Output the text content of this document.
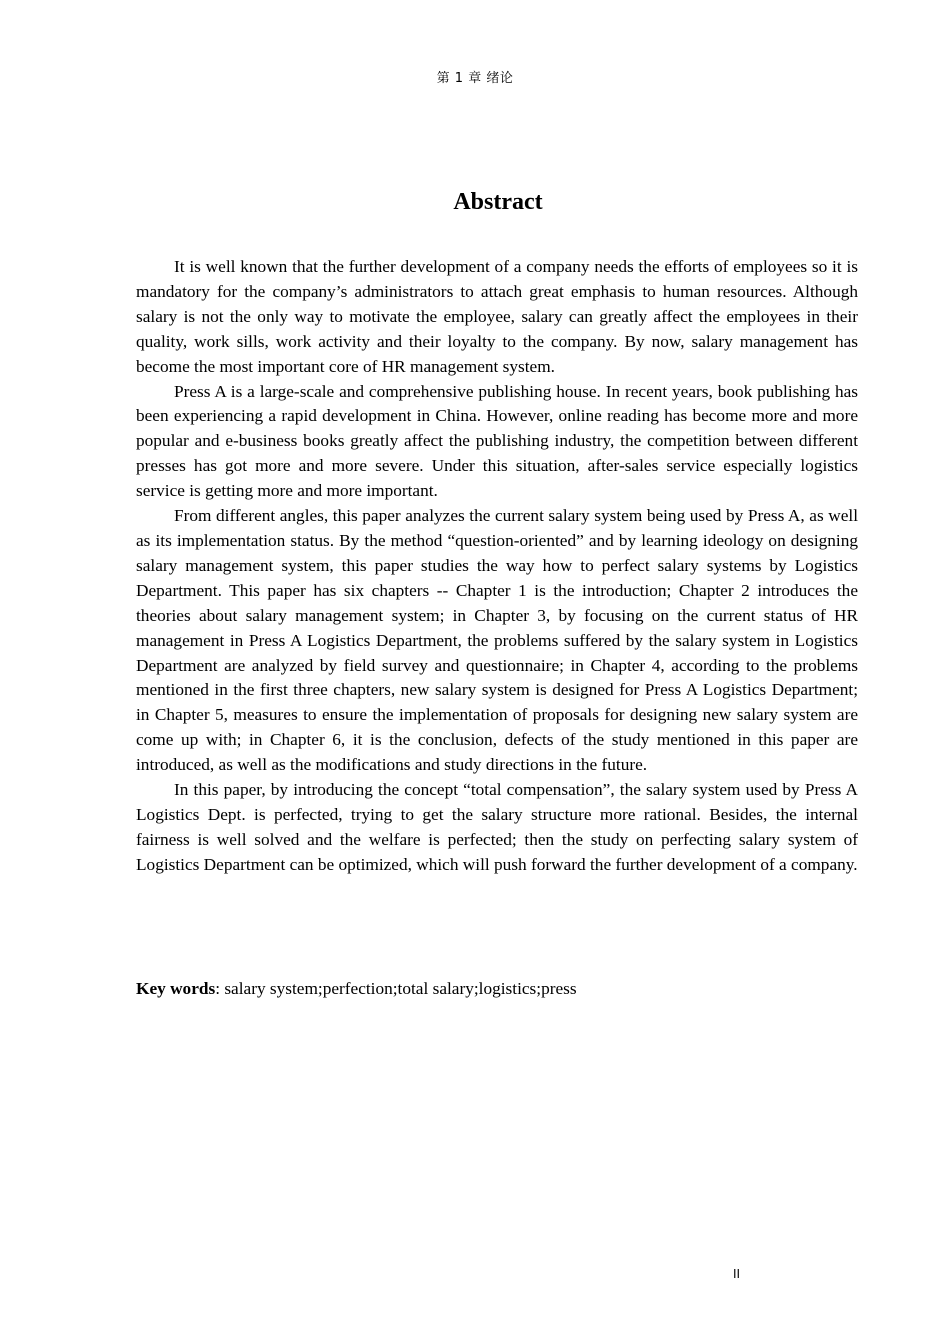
第 1 章 绪论
Abstract

It is well known that the further development of a company needs the efforts of employees so it is mandatory for the company’s administrators to attach great emphasis to human resources. Although salary is not the only way to motivate the employee, salary can greatly affect the employees in their quality, work sills, work activity and their loyalty to the company. By now, salary management has become the most important core of HR management system.

Press A is a large-scale and comprehensive publishing house. In recent years, book publishing has been experiencing a rapid development in China. However, online reading has become more and more popular and e-business books greatly affect the publishing industry, the competition between different presses has got more and more severe. Under this situation, after-sales service especially logistics service is getting more and more important.

From different angles, this paper analyzes the current salary system being used by Press A, as well as its implementation status. By the method “question-oriented” and by learning ideology on designing salary management system, this paper studies the way how to perfect salary systems by Logistics Department. This paper has six chapters -- Chapter 1 is the introduction; Chapter 2 introduces the theories about salary management system; in Chapter 3, by focusing on the current status of HR management in Press A Logistics Department, the problems suffered by the salary system in Logistics Department are analyzed by field survey and questionnaire; in Chapter 4, according to the problems mentioned in the first three chapters, new salary system is designed for Press A Logistics Department; in Chapter 5, measures to ensure the implementation of proposals for designing new salary system are come up with; in Chapter 6, it is the conclusion, defects of the study mentioned in this paper are introduced, as well as the modifications and study directions in the future.

In this paper, by introducing the concept “total compensation”, the salary system used by Press A Logistics Dept. is perfected, trying to get the salary structure more rational. Besides, the internal fairness is well solved and the welfare is perfected; then the study on perfecting salary system of Logistics Department can be optimized, which will push forward the further development of a company.

Key words: salary system;perfection;total salary;logistics;press

II
